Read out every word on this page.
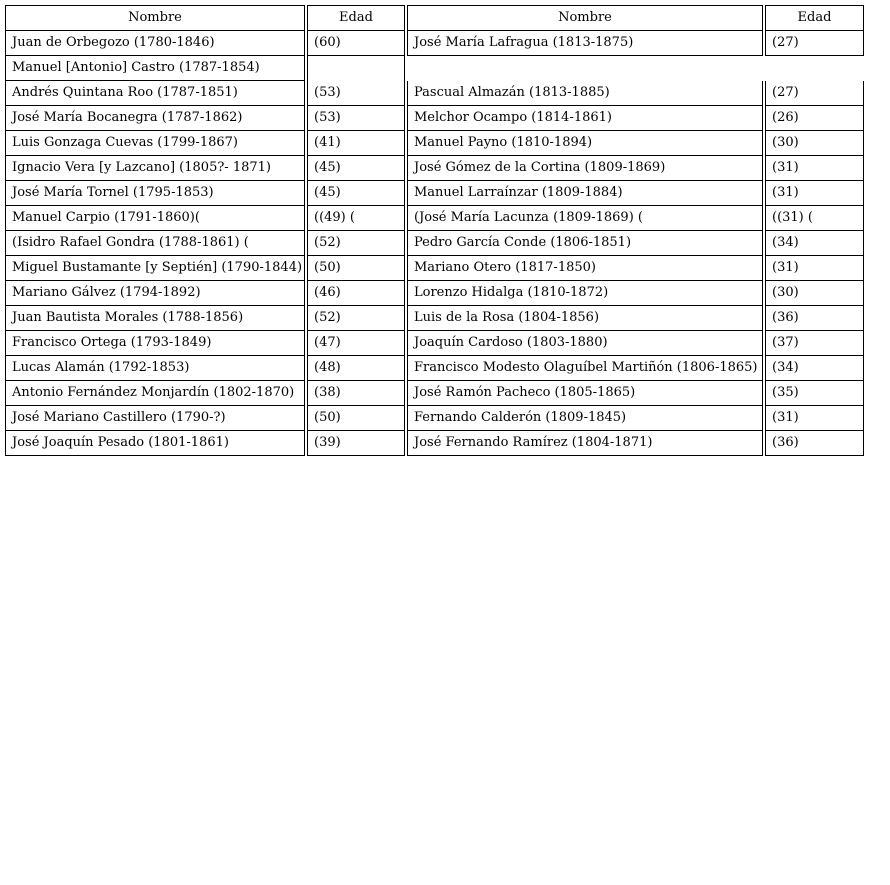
Nombre	Edad	Nombre	Edad
Juan de Orbegozo (1780-1846)	(60)	José María Lafragua (1813-1875)	(27)
Manuel [Antonio] Castro (1787-1854)			
Andrés Quintana Roo (1787-1851)	(53)	Pascual Almazán (1813-1885)	(27)
José María Bocanegra (1787-1862)	(53)	Melchor Ocampo (1814-1861)	(26)
Luis Gonzaga Cuevas (1799-1867)	(41)	Manuel Payno (1810-1894)	(30)
Ignacio Vera [y Lazcano] (1805?- 1871)	(45)	José Gómez de la Cortina (1809-1869)	(31)
José María Tornel (1795-1853)	(45)	Manuel Larraínzar (1809-1884)	(31)
Manuel Carpio (1791-1860)(	((49) (	(José María Lacunza (1809-1869) (	((31) (
(Isidro Rafael Gondra (1788-1861) (	(52)	Pedro García Conde (1806-1851)	(34)
Miguel Bustamante [y Septién] (1790-1844)	(50)	Mariano Otero (1817-1850)	(31)
Mariano Gálvez (1794-1892)	(46)	Lorenzo Hidalga (1810-1872)	(30)
Juan Bautista Morales (1788-1856)	(52)	Luis de la Rosa (1804-1856)	(36)
Francisco Ortega (1793-1849)	(47)	Joaquín Cardoso (1803-1880)	(37)
Lucas Alamán (1792-1853)	(48)	Francisco Modesto Olaguíbel Martiñón (1806-1865)	(34)
Antonio Fernández Monjardín (1802-1870)	(38)	José Ramón Pacheco (1805-1865)	(35)
José Mariano Castillero (1790-?)	(50)	Fernando Calderón (1809-1845)	(31)
José Joaquín Pesado (1801-1861)	(39)	José Fernando Ramírez (1804-1871)	(36)
